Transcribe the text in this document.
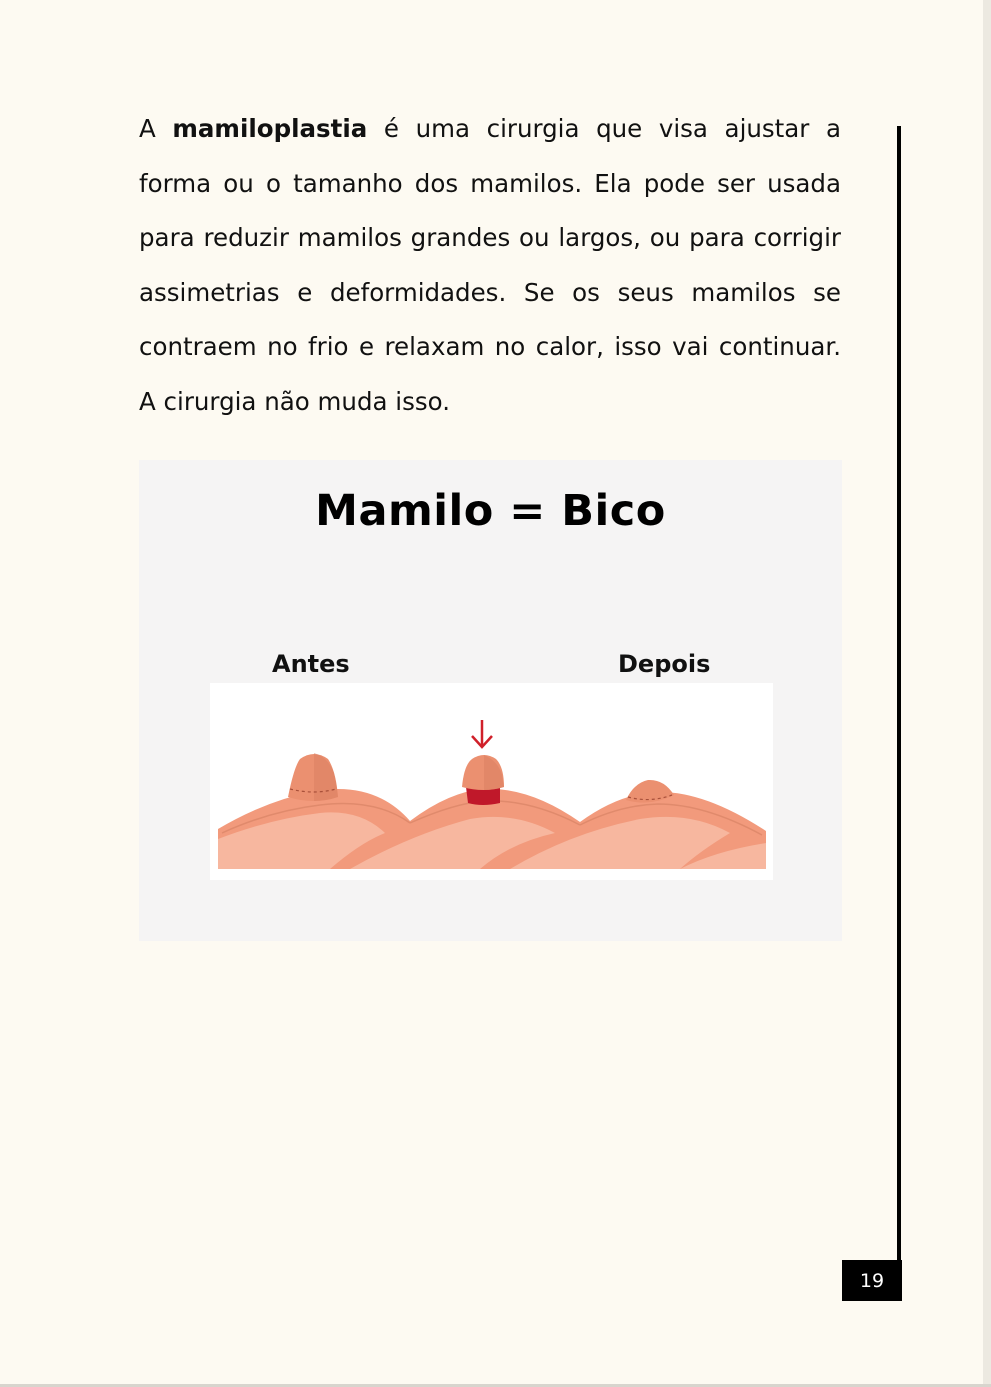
A mamiloplastia é uma cirurgia que visa ajustar a
forma ou o tamanho dos mamilos. Ela pode ser usada
para reduzir mamilos grandes ou largos, ou para corrigir
assimetrias e deformidades. Se os seus mamilos se
contraem no frio e relaxam no calor, isso vai continuar.
A cirurgia não muda isso.

Mamilo = Bico
Antes	Depois
19
